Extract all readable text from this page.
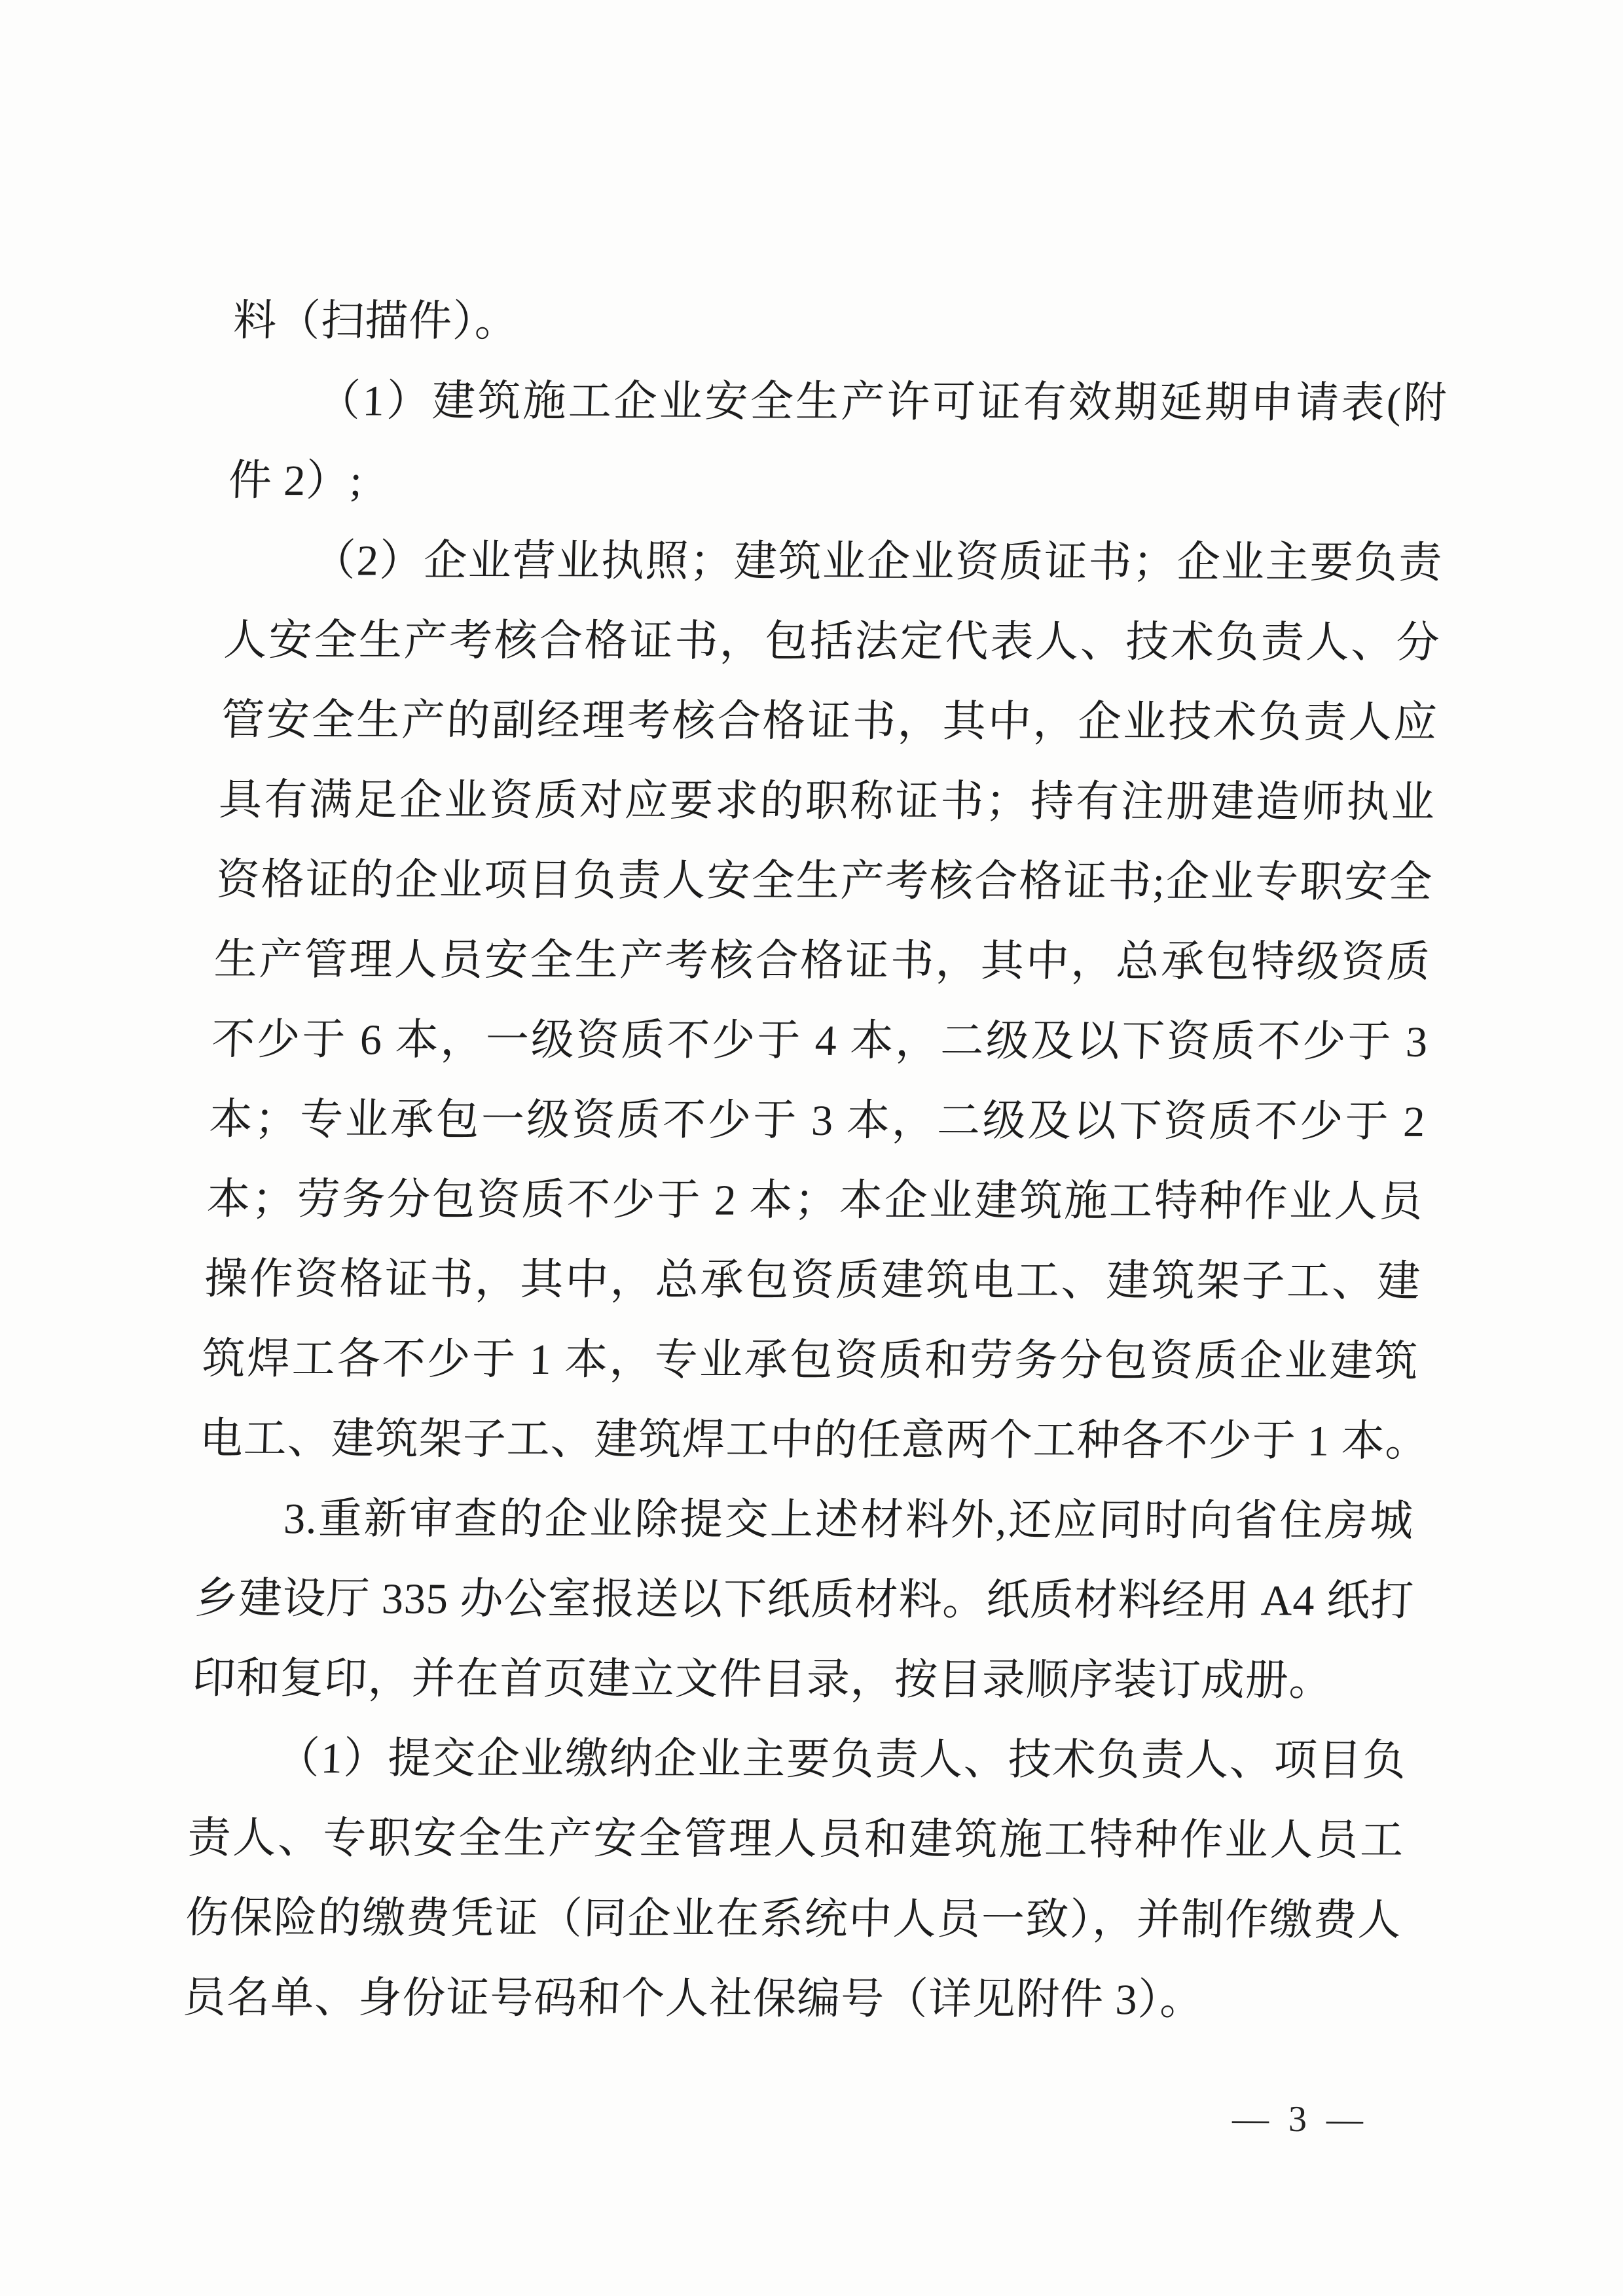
料（扫描件）。
（1）建筑施工企业安全生产许可证有效期延期申请表(附
件 2）;
（2）企业营业执照；建筑业企业资质证书；企业主要负责
人安全生产考核合格证书，包括法定代表人、技术负责人、分
管安全生产的副经理考核合格证书，其中，企业技术负责人应
具有满足企业资质对应要求的职称证书；持有注册建造师执业
资格证的企业项目负责人安全生产考核合格证书;企业专职安全
生产管理人员安全生产考核合格证书，其中，总承包特级资质
不少于 6 本，一级资质不少于 4 本，二级及以下资质不少于 3
本；专业承包一级资质不少于 3 本，二级及以下资质不少于 2
本；劳务分包资质不少于 2 本；本企业建筑施工特种作业人员
操作资格证书，其中，总承包资质建筑电工、建筑架子工、建
筑焊工各不少于 1 本，专业承包资质和劳务分包资质企业建筑
电工、建筑架子工、建筑焊工中的任意两个工种各不少于 1 本。
3.重新审查的企业除提交上述材料外,还应同时向省住房城
乡建设厅 335 办公室报送以下纸质材料。纸质材料经用 A4 纸打
印和复印，并在首页建立文件目录，按目录顺序装订成册。
（1）提交企业缴纳企业主要负责人、技术负责人、项目负
责人、专职安全生产安全管理人员和建筑施工特种作业人员工
伤保险的缴费凭证（同企业在系统中人员一致），并制作缴费人
员名单、身份证号码和个人社保编号（详见附件 3）。
— 3 —
